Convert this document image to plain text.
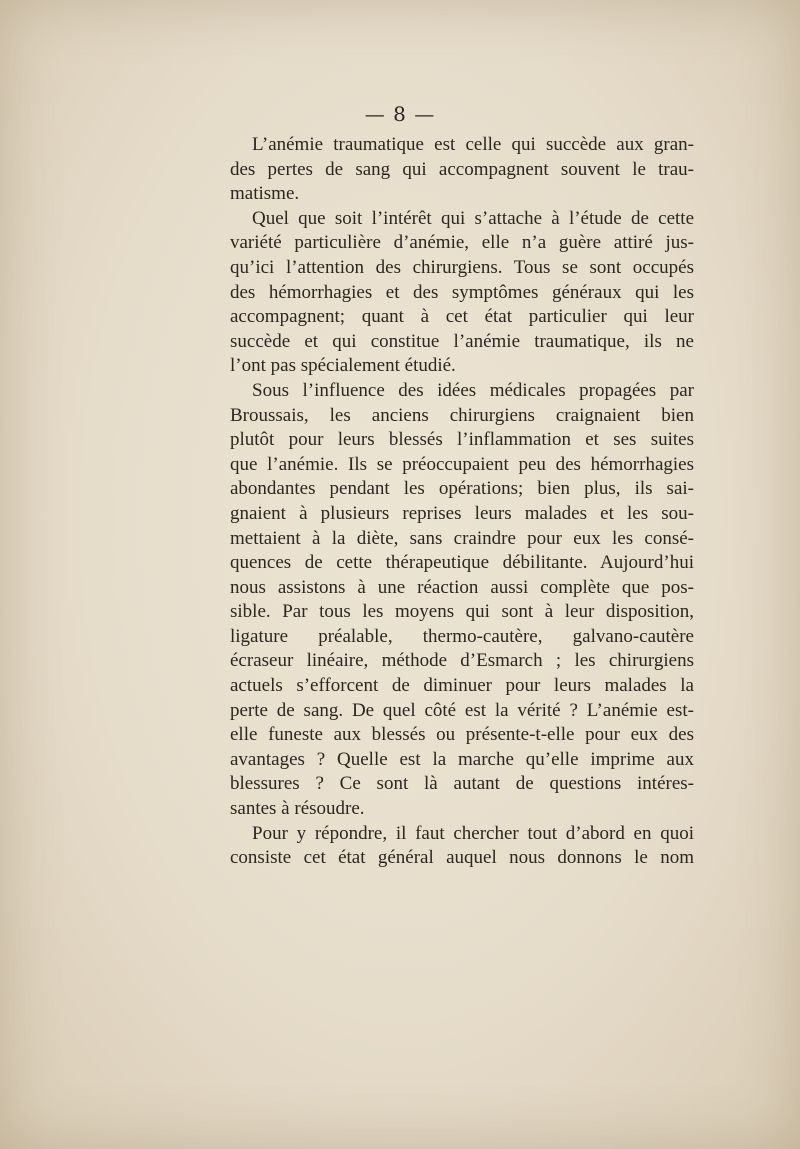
— 8 —
L’anémie traumatique est celle qui succède aux gran-
des pertes de sang qui accompagnent souvent le trau-
matisme.
Quel que soit l’intérêt qui s’attache à l’étude de cette
variété particulière d’anémie, elle n’a guère attiré jus-
qu’ici l’attention des chirurgiens. Tous se sont occupés
des hémorrhagies et des symptômes généraux qui les
accompagnent; quant à cet état particulier qui leur
succède et qui constitue l’anémie traumatique, ils ne
l’ont pas spécialement étudié.
Sous l’influence des idées médicales propagées par
Broussais, les anciens chirurgiens craignaient bien
plutôt pour leurs blessés l’inflammation et ses suites
que l’anémie. Ils se préoccupaient peu des hémorrhagies
abondantes pendant les opérations; bien plus, ils sai-
gnaient à plusieurs reprises leurs malades et les sou-
mettaient à la diète, sans craindre pour eux les consé-
quences de cette thérapeutique débilitante. Aujourd’hui
nous assistons à une réaction aussi complète que pos-
sible. Par tous les moyens qui sont à leur disposition,
ligature préalable, thermo-cautère, galvano-cautère
écraseur linéaire, méthode d’Esmarch ; les chirurgiens
actuels s’efforcent de diminuer pour leurs malades la
perte de sang. De quel côté est la vérité ? L’anémie est-
elle funeste aux blessés ou présente-t-elle pour eux des
avantages ? Quelle est la marche qu’elle imprime aux
blessures ? Ce sont là autant de questions intéres-
santes à résoudre.
Pour y répondre, il faut chercher tout d’abord en quoi
consiste cet état général auquel nous donnons le nom
